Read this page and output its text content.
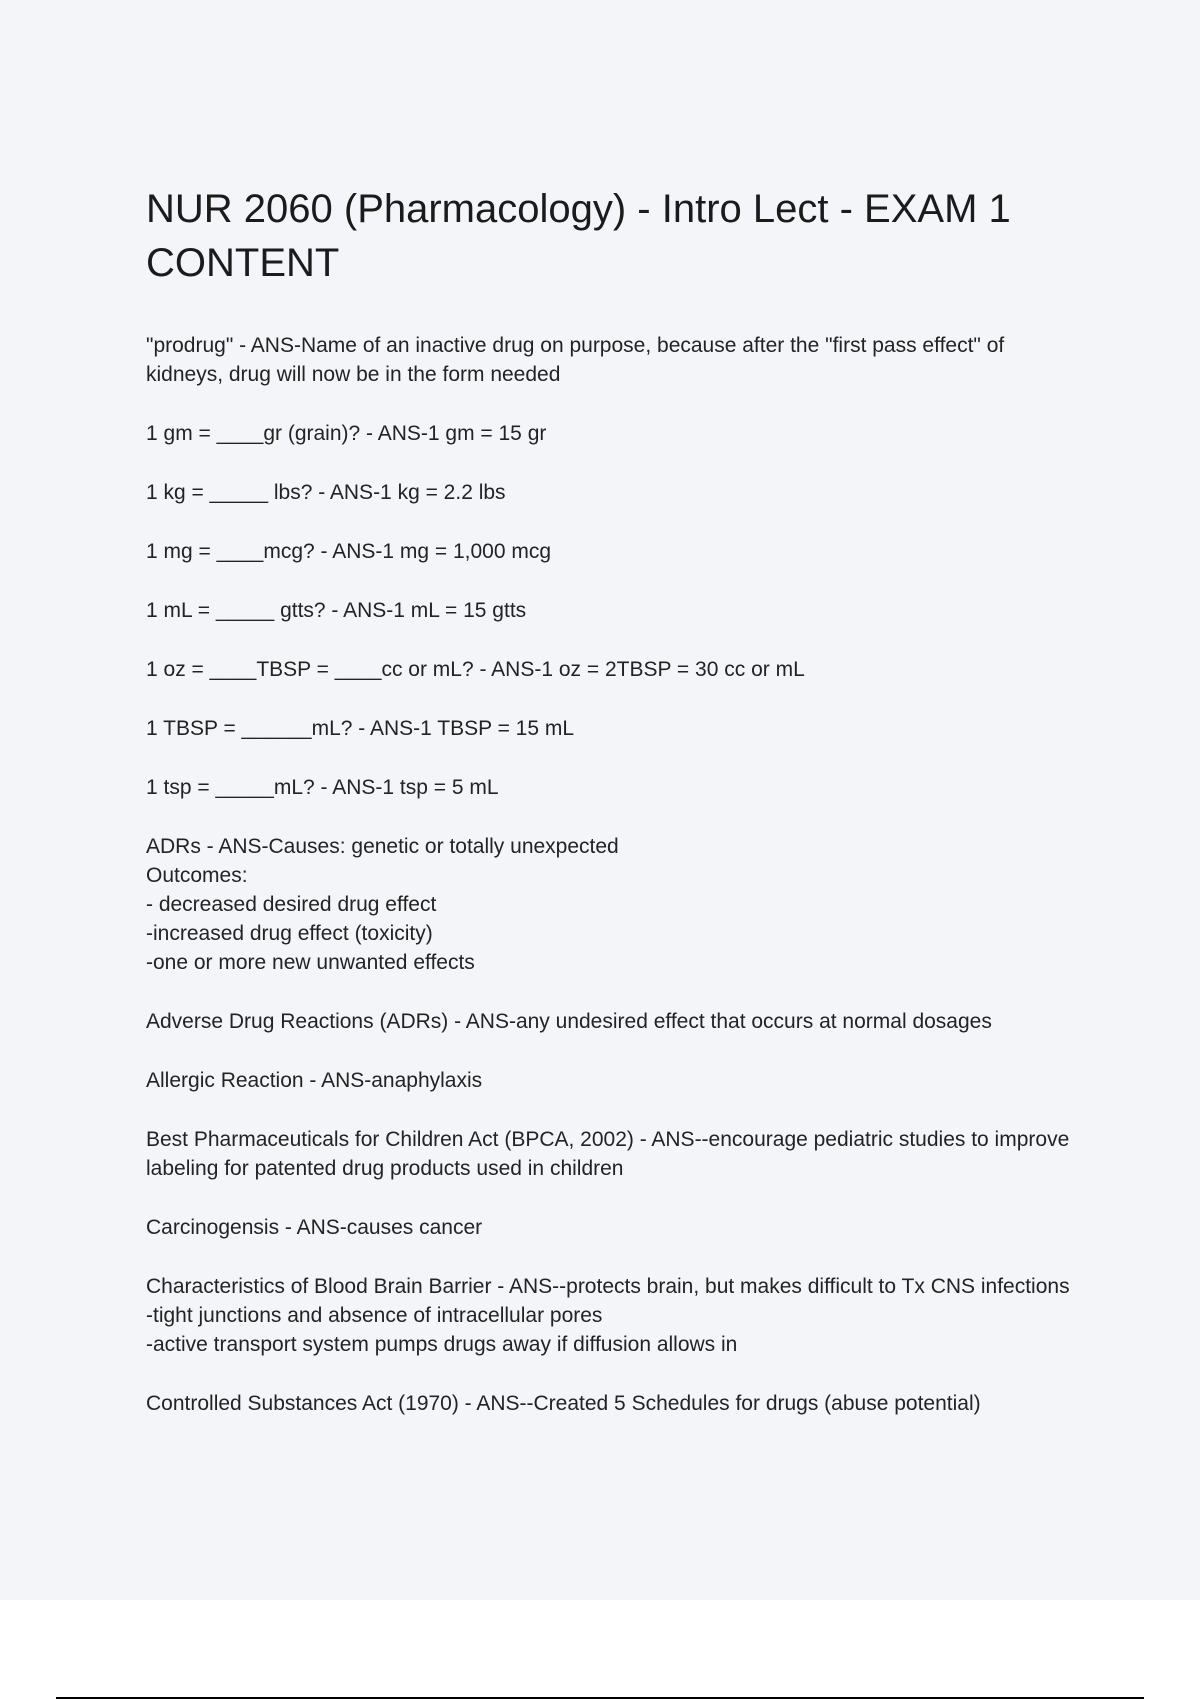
NUR 2060 (Pharmacology) - Intro Lect - EXAM 1 CONTENT

"prodrug" - ANS-Name of an inactive drug on purpose, because after the "first pass effect" of kidneys, drug will now be in the form needed

1 gm = ____gr (grain)? - ANS-1 gm = 15 gr

1 kg = _____ lbs? - ANS-1 kg = 2.2 lbs

1 mg = ____mcg? - ANS-1 mg = 1,000 mcg

1 mL = _____ gtts? - ANS-1 mL = 15 gtts

1 oz = ____TBSP = ____cc or mL? - ANS-1 oz = 2TBSP = 30 cc or mL

1 TBSP = ______mL? - ANS-1 TBSP = 15 mL

1 tsp = _____mL? - ANS-1 tsp = 5 mL

ADRs - ANS-Causes: genetic or totally unexpected
Outcomes:
- decreased desired drug effect
-increased drug effect (toxicity)
-one or more new unwanted effects

Adverse Drug Reactions (ADRs) - ANS-any undesired effect that occurs at normal dosages

Allergic Reaction - ANS-anaphylaxis

Best Pharmaceuticals for Children Act (BPCA, 2002) - ANS--encourage pediatric studies to improve labeling for patented drug products used in children

Carcinogensis - ANS-causes cancer

Characteristics of Blood Brain Barrier - ANS--protects brain, but makes difficult to Tx CNS infections
-tight junctions and absence of intracellular pores
-active transport system pumps drugs away if diffusion allows in

Controlled Substances Act (1970) - ANS--Created 5 Schedules for drugs (abuse potential)
